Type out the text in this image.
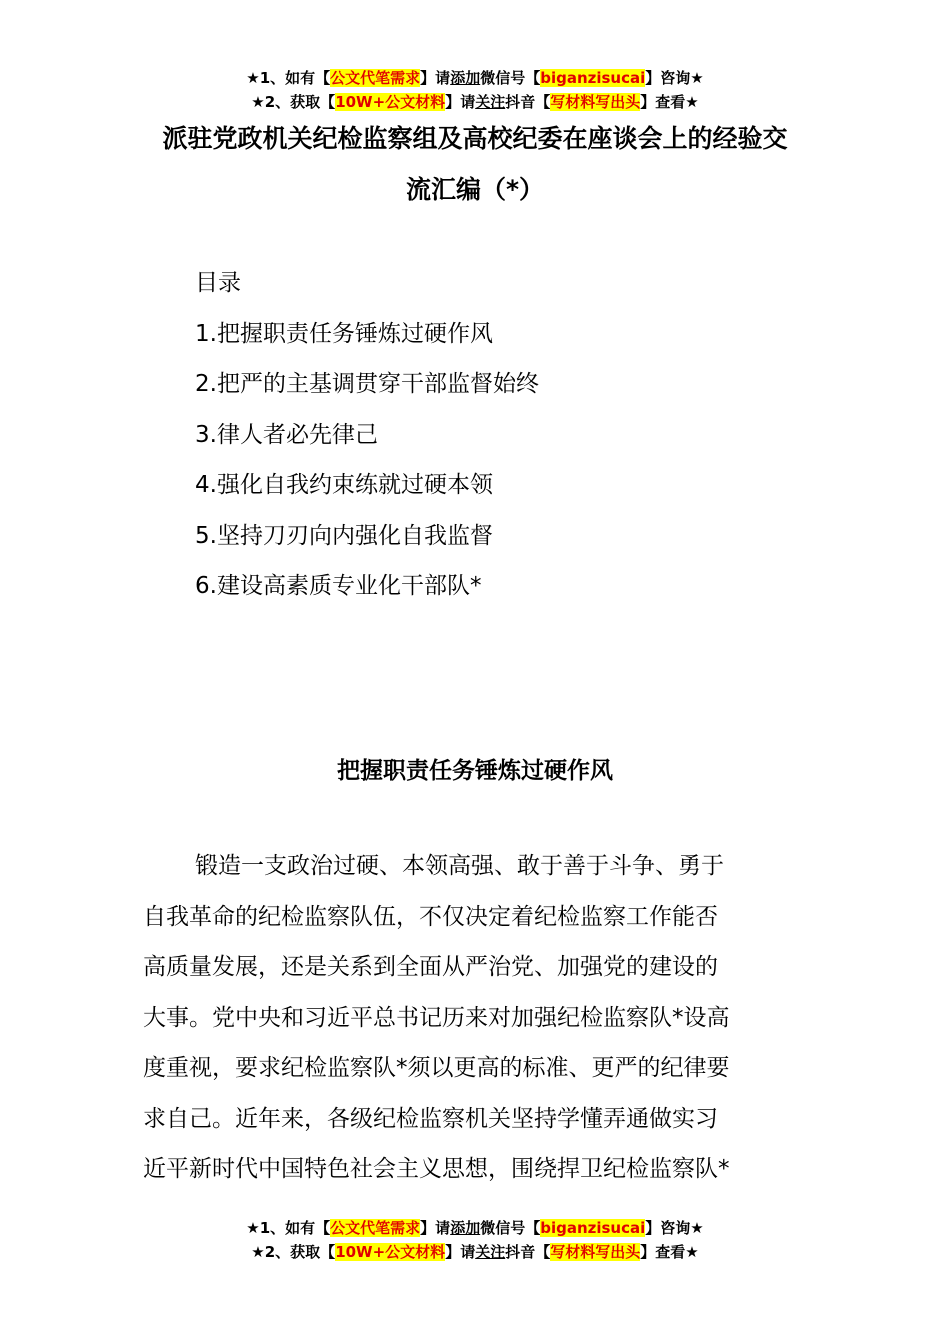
★1、如有【公文代笔需求】请添加微信号【biganzisucai】咨询★
★2、获取【10W+公文材料】请关注抖音【写材料写出头】查看★
派驻党政机关纪检监察组及高校纪委在座谈会上的经验交
流汇编（*）
目录
1.把握职责任务锤炼过硬作风
2.把严的主基调贯穿干部监督始终
3.律人者必先律己
4.强化自我约束练就过硬本领
5.坚持刀刃向内强化自我监督
6.建设高素质专业化干部队*
把握职责任务锤炼过硬作风
锻造一支政治过硬、本领高强、敢于善于斗争、勇于
自我革命的纪检监察队伍，不仅决定着纪检监察工作能否
高质量发展，还是关系到全面从严治党、加强党的建设的
大事。党中央和习近平总书记历来对加强纪检监察队*设高
度重视，要求纪检监察队*须以更高的标准、更严的纪律要
求自己。近年来，各级纪检监察机关坚持学懂弄通做实习
近平新时代中国特色社会主义思想，围绕捍卫纪检监察队*
★1、如有【公文代笔需求】请添加微信号【biganzisucai】咨询★
★2、获取【10W+公文材料】请关注抖音【写材料写出头】查看★
